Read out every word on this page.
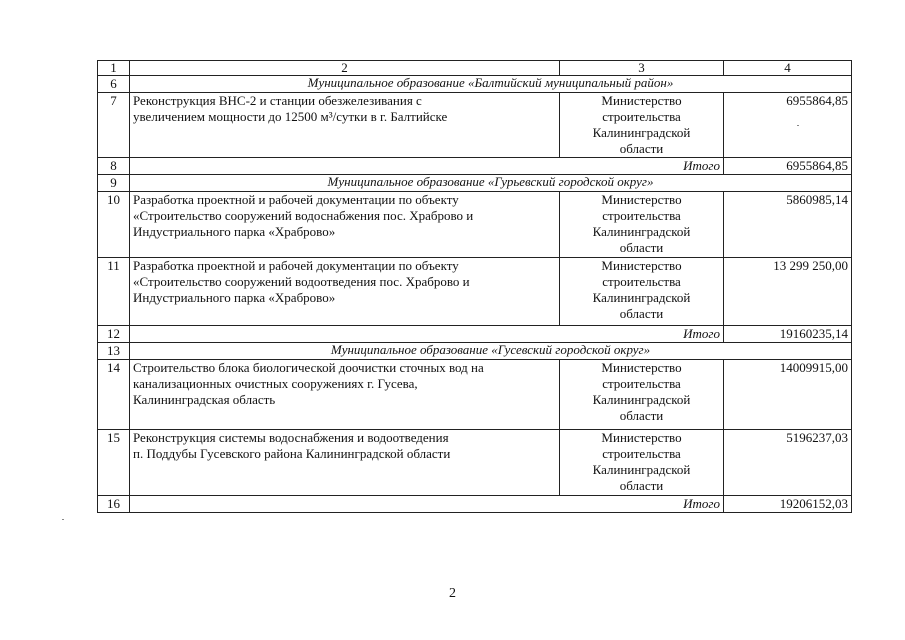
1	2	3	4
6	Муниципальное образование «Балтийский муниципальный район»		
7	Реконструкция ВНС-2 и станции обезжелезивания с
увеличением мощности до 12500 м³/сутки в г. Балтийске	Министерство
строительства
Калининградской
области	6955864,85
8	Итого		6955864,85
9	Муниципальное образование «Гурьевский городской округ»		
10	Разработка проектной и рабочей документации по объекту
«Строительство сооружений водоснабжения пос. Храброво и
Индустриального парка «Храброво»	Министерство
строительства
Калининградской
области	5860985,14
11	Разработка проектной и рабочей документации по объекту
«Строительство сооружений водоотведения пос. Храброво и
Индустриального парка «Храброво»	Министерство
строительства
Калининградской
области	13 299 250,00
12	Итого		19160235,14
13	Муниципальное образование «Гусевский городской округ»		
14	Строительство блока биологической доочистки сточных вод на
канализационных очистных сооружениях г. Гусева,
Калининградская область	Министерство
строительства
Калининградской
области	14009915,00
15	Реконструкция системы водоснабжения и водоотведения
п. Поддубы Гусевского района Калининградской области	Министерство
строительства
Калининградской
области	5196237,03
16	Итого		19206152,03
2
